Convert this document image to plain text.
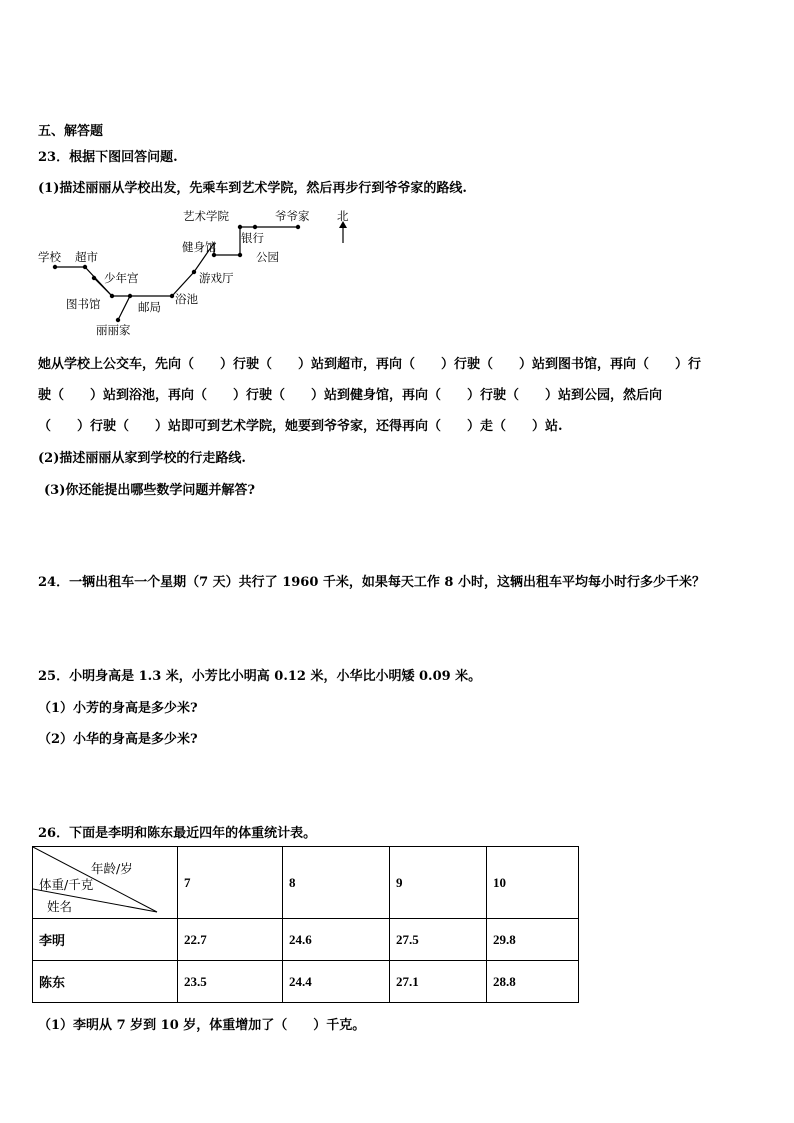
五、解答题
23．根据下图回答问题.
(1)描述丽丽从学校出发，先乘车到艺术学院，然后再步行到爷爷家的路线.
艺术学院	爷爷家 北
银行
健身馆
公园
学校 超市
少年宫	游戏厅
图书馆	邮局
浴池
丽丽家
她从学校上公交车，先向（　　）行驶（　　）站到超市，再向（　　）行驶（　　）站到图书馆，再向（　　）行
驶（　　）站到浴池，再向（　　）行驶（　　）站到健身馆，再向（　　）行驶（　　）站到公园，然后向
（　　）行驶（　　）站即可到艺术学院，她要到爷爷家，还得再向（　　）走（　　）站.
(2)描述丽丽从家到学校的行走路线.
(3)你还能提出哪些数学问题并解答?
24．一辆出租车一个星期（7 天）共行了 1960 千米，如果每天工作 8 小时，这辆出租车平均每小时行多少千米？
25．小明身高是 1.3 米，小芳比小明高 0.12 米，小华比小明矮 0.09 米。
（1）小芳的身高是多少米?
（2）小华的身高是多少米?
26．下面是李明和陈东最近四年的体重统计表。
年龄/岁
体重/千克
姓名	7	8	9	10
李明	22.7	24.6	27.5	29.8
陈东	23.5	24.4	27.1	28.8
（1）李明从 7 岁到 10 岁，体重增加了（　　）千克。
